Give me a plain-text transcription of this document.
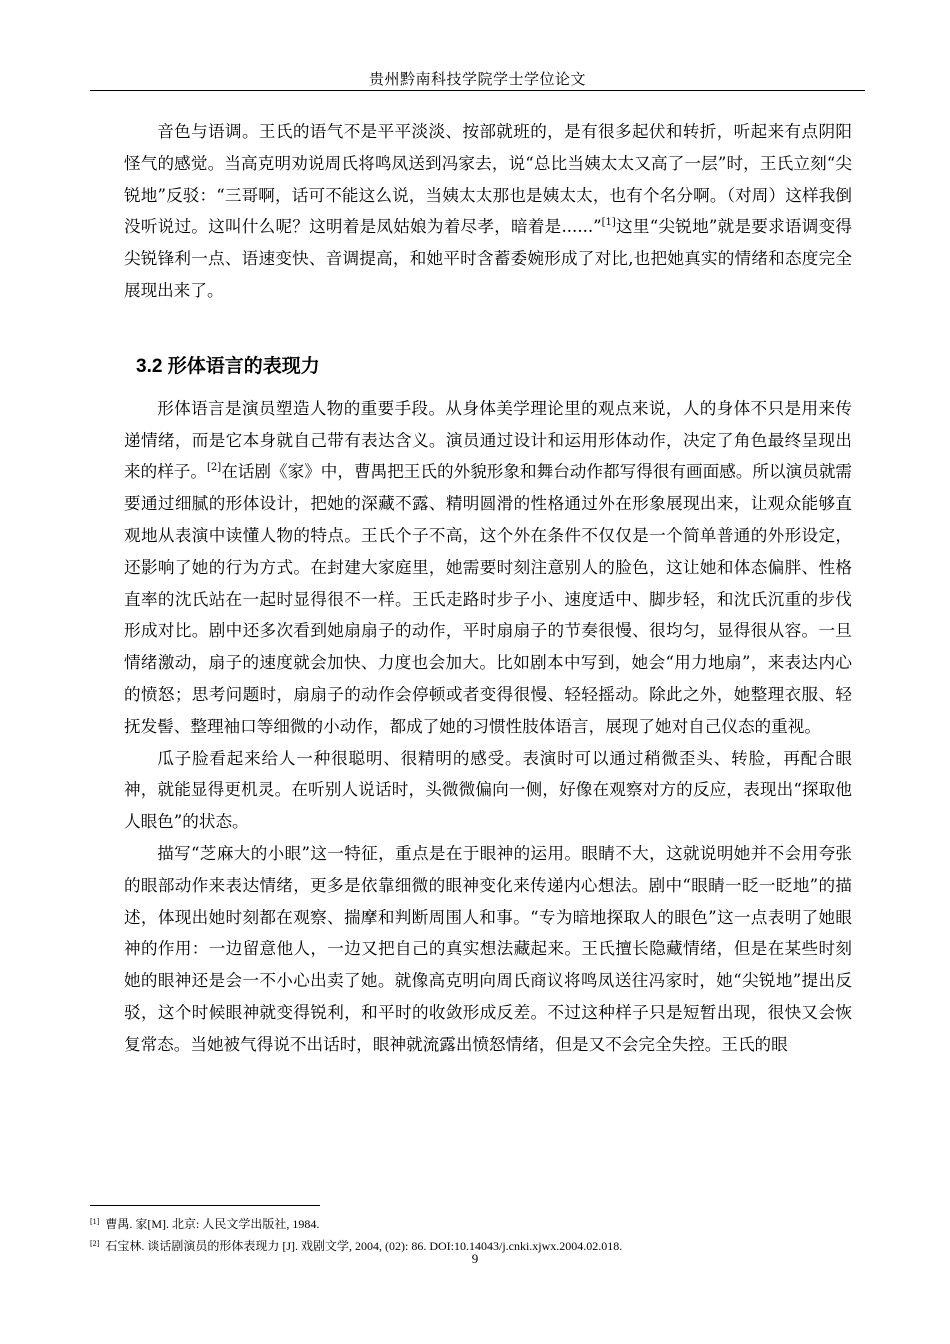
贵州黔南科技学院学士学位论文

音色与语调。王氏的语气不是平平淡淡、按部就班的，是有很多起伏和转折，听起来有点阴阳怪气的感觉。当高克明劝说周氏将鸣凤送到冯家去，说“总比当姨太太又高了一层”时，王氏立刻“尖锐地”反驳：“三哥啊，话可不能这么说，当姨太太那也是姨太太，也有个名分啊。（对周）这样我倒没听说过。这叫什么呢？这明着是凤姑娘为着尽孝，暗着是......”[1]这里“尖锐地”就是要求语调变得尖锐锋利一点、语速变快、音调提高，和她平时含蓄委婉形成了对比,也把她真实的情绪和态度完全展现出来了。

3.2 形体语言的表现力

形体语言是演员塑造人物的重要手段。从身体美学理论里的观点来说，人的身体不只是用来传递情绪，而是它本身就自己带有表达含义。演员通过设计和运用形体动作，决定了角色最终呈现出来的样子。[2]在话剧《家》中，曹禺把王氏的外貌形象和舞台动作都写得很有画面感。所以演员就需要通过细腻的形体设计，把她的深藏不露、精明圆滑的性格通过外在形象展现出来，让观众能够直观地从表演中读懂人物的特点。王氏个子不高，这个外在条件不仅仅是一个简单普通的外形设定，还影响了她的行为方式。在封建大家庭里，她需要时刻注意别人的脸色，这让她和体态偏胖、性格直率的沈氏站在一起时显得很不一样。王氏走路时步子小、速度适中、脚步轻，和沈氏沉重的步伐形成对比。剧中还多次看到她扇扇子的动作，平时扇扇子的节奏很慢、很均匀，显得很从容。一旦情绪激动，扇子的速度就会加快、力度也会加大。比如剧本中写到，她会“用力地扇”，来表达内心的愤怒；思考问题时，扇扇子的动作会停顿或者变得很慢、轻轻摇动。除此之外，她整理衣服、轻抚发髻、整理袖口等细微的小动作，都成了她的习惯性肢体语言，展现了她对自己仪态的重视。

瓜子脸看起来给人一种很聪明、很精明的感受。表演时可以通过稍微歪头、转脸，再配合眼神，就能显得更机灵。在听别人说话时，头微微偏向一侧，好像在观察对方的反应，表现出“探取他人眼色”的状态。

描写“芝麻大的小眼”这一特征，重点是在于眼神的运用。眼睛不大，这就说明她并不会用夸张的眼部动作来表达情绪，更多是依靠细微的眼神变化来传递内心想法。剧中“眼睛一眨一眨地”的描述，体现出她时刻都在观察、揣摩和判断周围人和事。“专为暗地探取人的眼色”这一点表明了她眼神的作用：一边留意他人，一边又把自己的真实想法藏起来。王氏擅长隐藏情绪，但是在某些时刻她的眼神还是会一不小心出卖了她。就像高克明向周氏商议将鸣凤送往冯家时，她“尖锐地”提出反驳，这个时候眼神就变得锐利，和平时的收敛形成反差。不过这种样子只是短暂出现，很快又会恢复常态。当她被气得说不出话时，眼神就流露出愤怒情绪，但是又不会完全失控。王氏的眼

[1] 曹禺. 家[M]. 北京: 人民文学出版社, 1984.
[2] 石宝林. 谈话剧演员的形体表现力 [J]. 戏剧文学, 2004, (02): 86. DOI:10.14043/j.cnki.xjwx.2004.02.018.
9
